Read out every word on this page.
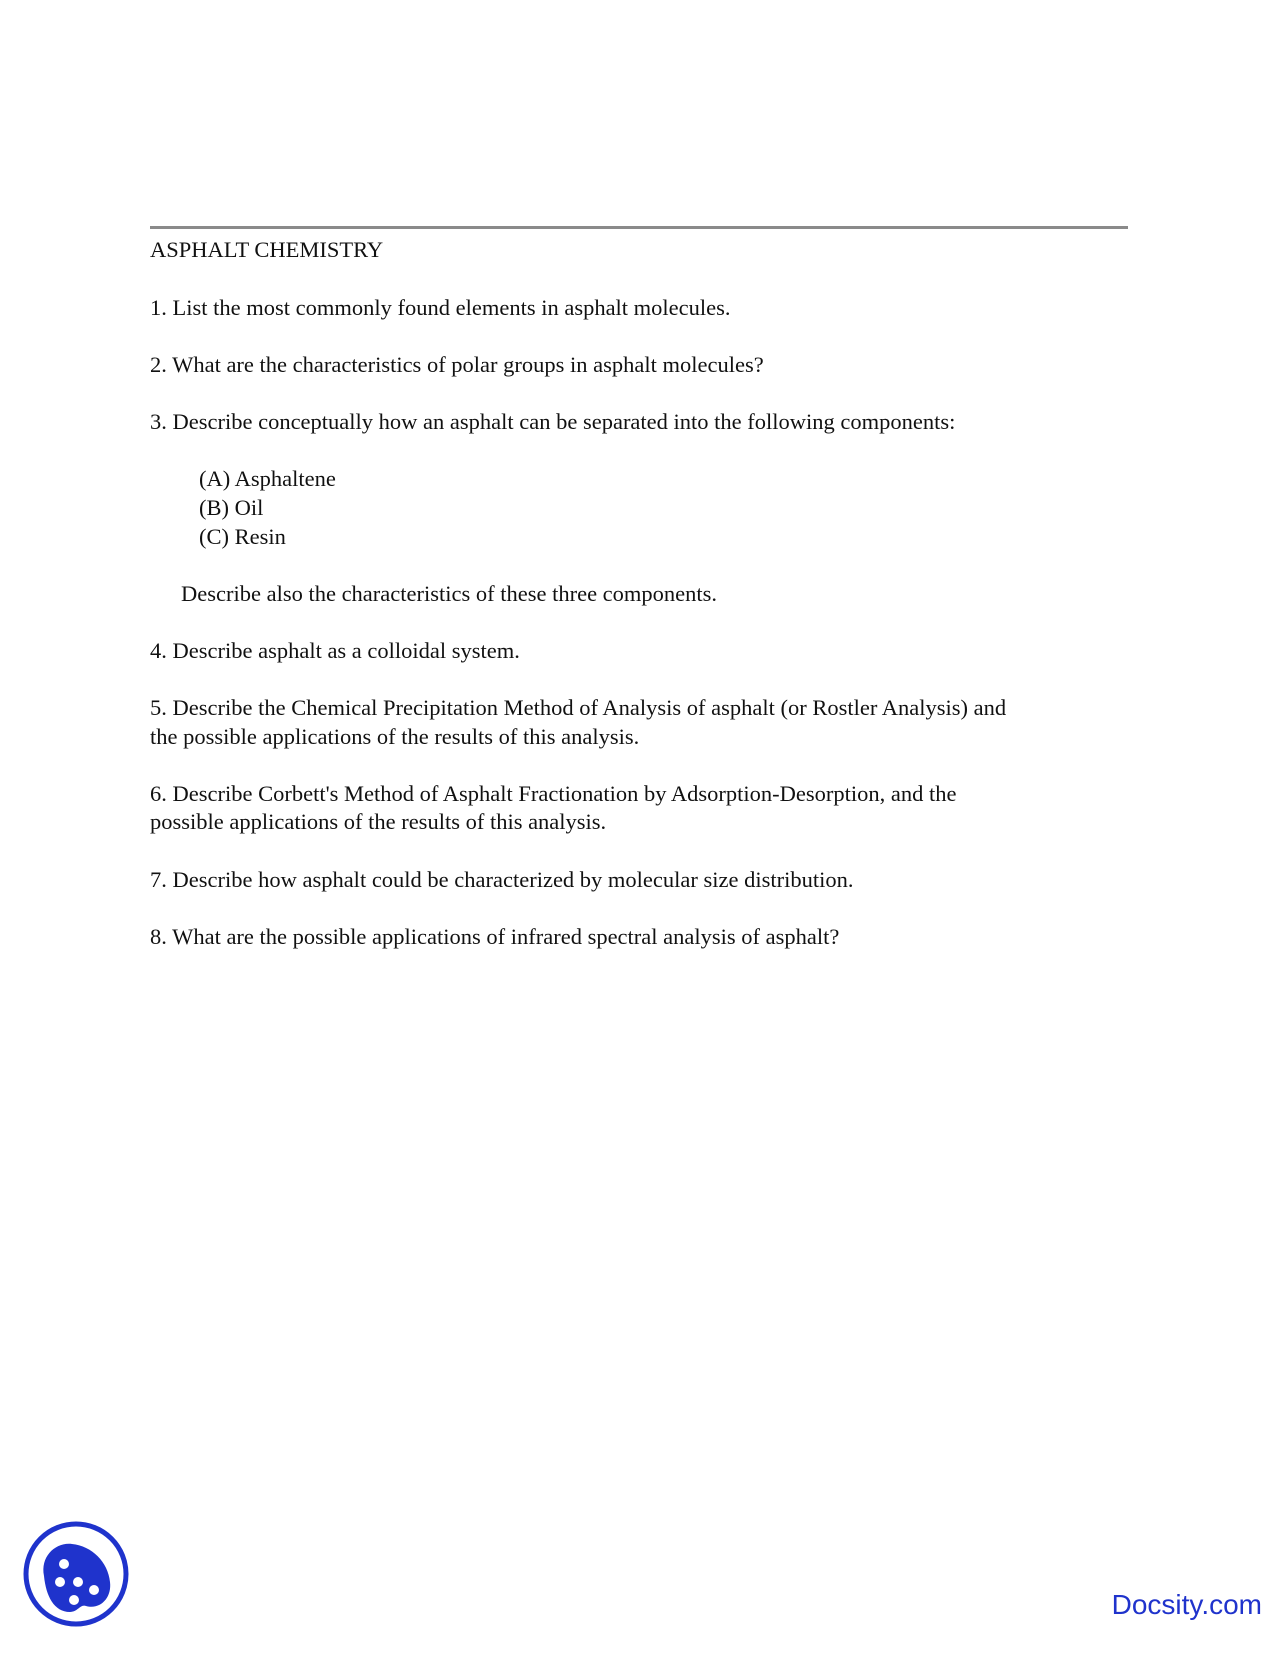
ASPHALT CHEMISTRY
1. List the most commonly found elements in asphalt molecules.
2. What are the characteristics of polar groups in asphalt molecules?
3. Describe conceptually how an asphalt can be separated into the following components:
(A) Asphaltene
(B) Oil
(C) Resin
Describe also the characteristics of these three components.
4. Describe asphalt as a colloidal system.
5. Describe the Chemical Precipitation Method of Analysis of asphalt (or Rostler Analysis) and
the possible applications of the results of this analysis.
6. Describe Corbett's Method of Asphalt Fractionation by Adsorption-Desorption, and the
possible applications of the results of this analysis.
7. Describe how asphalt could be characterized by molecular size distribution.
8. What are the possible applications of infrared spectral analysis of asphalt?
Docsity.com
